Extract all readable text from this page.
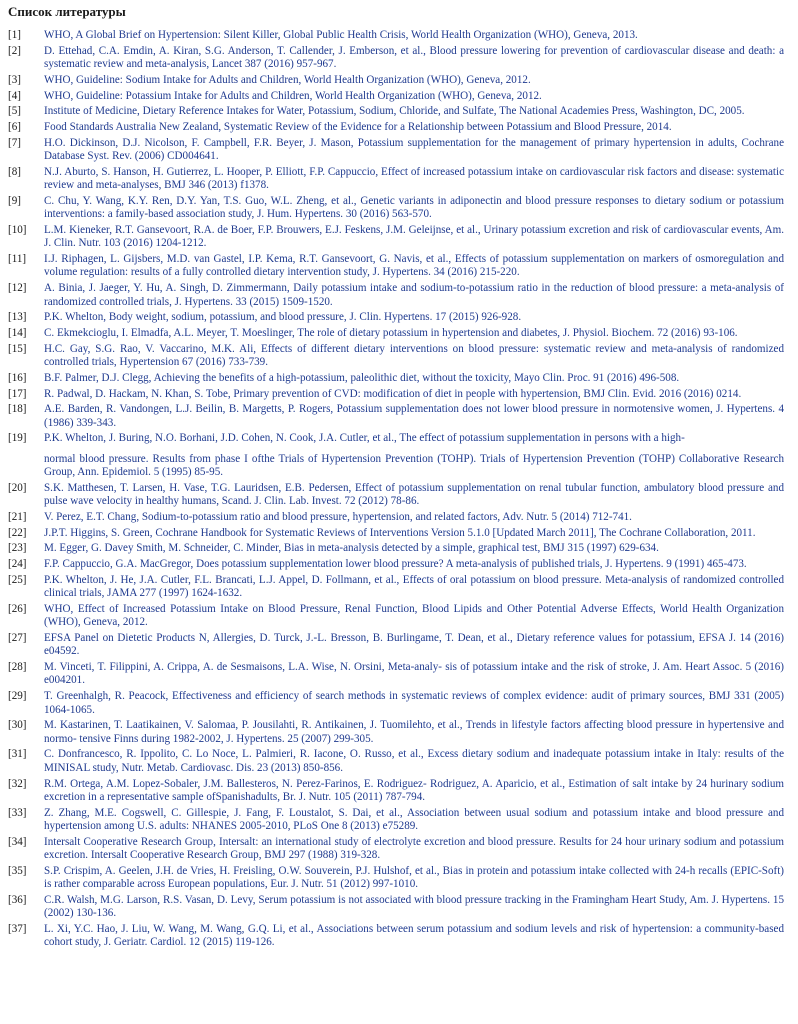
Список литературы
[1]	WHO, A Global Brief on Hypertension: Silent Killer, Global Public Health Crisis, World Health Organization (WHO), Geneva, 2013.
[2]	D. Ettehad, C.A. Emdin, A. Kiran, S.G. Anderson, T. Callender, J. Emberson, et al., Blood pressure lowering for prevention of cardiovascular disease and death: a systematic review and meta-analysis, Lancet 387 (2016) 957-967.
[3]	WHO, Guideline: Sodium Intake for Adults and Children, World Health Organization (WHO), Geneva, 2012.
[4]	WHO, Guideline: Potassium Intake for Adults and Children, World Health Organization (WHO), Geneva, 2012.
[5]	Institute of Medicine, Dietary Reference Intakes for Water, Potassium, Sodium, Chloride, and Sulfate, The National Academies Press, Washington, DC, 2005.
[6]	Food Standards Australia New Zealand, Systematic Review of the Evidence for a Relationship between Potassium and Blood Pressure, 2014.
[7]	H.O. Dickinson, D.J. Nicolson, F. Campbell, F.R. Beyer, J. Mason, Potassium supplementation for the management of primary hypertension in adults, Cochrane Database Syst. Rev. (2006) CD004641.
[8]	N.J. Aburto, S. Hanson, H. Gutierrez, L. Hooper, P. Elliott, F.P. Cappuccio, Effect of increased potassium intake on cardiovascular risk factors and disease: systematic review and meta-analyses, BMJ 346 (2013) f1378.
[9]	C. Chu, Y. Wang, K.Y. Ren, D.Y. Yan, T.S. Guo, W.L. Zheng, et al., Genetic variants in adiponectin and blood pressure responses to dietary sodium or potassium interventions: a family-based association study, J. Hum. Hypertens. 30 (2016) 563-570.
[10]	L.M. Kieneker, R.T. Gansevoort, R.A. de Boer, F.P. Brouwers, E.J. Feskens, J.M. Geleijnse, et al., Urinary potassium excretion and risk of cardiovascular events, Am. J. Clin. Nutr. 103 (2016) 1204-1212.
[11]	I.J. Riphagen, L. Gijsbers, M.D. van Gastel, I.P. Kema, R.T. Gansevoort, G. Navis, et al., Effects of potassium supplementation on markers of osmoregulation and volume regulation: results of a fully controlled dietary intervention study, J. Hypertens. 34 (2016) 215-220.
[12]	A. Binia, J. Jaeger, Y. Hu, A. Singh, D. Zimmermann, Daily potassium intake and sodium-to-potassium ratio in the reduction of blood pressure: a meta-analysis of randomized controlled trials, J. Hypertens. 33 (2015) 1509-1520.
[13]	P.K. Whelton, Body weight, sodium, potassium, and blood pressure, J. Clin. Hypertens. 17 (2015) 926-928.
[14]	C. Ekmekcioglu, I. Elmadfa, A.L. Meyer, T. Moeslinger, The role of dietary potassium in hypertension and diabetes, J. Physiol. Biochem. 72 (2016) 93-106.
[15]	H.C. Gay, S.G. Rao, V. Vaccarino, M.K. Ali, Effects of different dietary interventions on blood pressure: systematic review and meta-analysis of randomized controlled trials, Hypertension 67 (2016) 733-739.
[16]	B.F. Palmer, D.J. Clegg, Achieving the benefits of a high-potassium, paleolithic diet, without the toxicity, Mayo Clin. Proc. 91 (2016) 496-508.
[17]	R. Padwal, D. Hackam, N. Khan, S. Tobe, Primary prevention of CVD: modification of diet in people with hypertension, BMJ Clin. Evid. 2016 (2016) 0214.
[18]	A.E. Barden, R. Vandongen, L.J. Beilin, B. Margetts, P. Rogers, Potassium supplementation does not lower blood pressure in normotensive women, J. Hypertens. 4 (1986) 339-343.
[19]	P.K. Whelton, J. Buring, N.O. Borhani, J.D. Cohen, N. Cook, J.A. Cutler, et al., The effect of potassium supplementation in persons with a high-
normal blood pressure. Results from phase I ofthe Trials of Hypertension Prevention (TOHP). Trials of Hypertension Prevention (TOHP) Collaborative Research Group, Ann. Epidemiol. 5 (1995) 85-95.
[20]	S.K. Matthesen, T. Larsen, H. Vase, T.G. Lauridsen, E.B. Pedersen, Effect of potassium supplementation on renal tubular function, ambulatory blood pressure and pulse wave velocity in healthy humans, Scand. J. Clin. Lab. Invest. 72 (2012) 78-86.
[21]	V. Perez, E.T. Chang, Sodium-to-potassium ratio and blood pressure, hypertension, and related factors, Adv. Nutr. 5 (2014) 712-741.
[22]	J.P.T. Higgins, S. Green, Cochrane Handbook for Systematic Reviews of Interventions Version 5.1.0 [Updated March 2011], The Cochrane Collaboration, 2011.
[23]	M. Egger, G. Davey Smith, M. Schneider, C. Minder, Bias in meta-analysis detected by a simple, graphical test, BMJ 315 (1997) 629-634.
[24]	F.P. Cappuccio, G.A. MacGregor, Does potassium supplementation lower blood pressure? A meta-analysis of published trials, J. Hypertens. 9 (1991) 465-473.
[25]	P.K. Whelton, J. He, J.A. Cutler, F.L. Brancati, L.J. Appel, D. Follmann, et al., Effects of oral potassium on blood pressure. Meta-analysis of randomized controlled clinical trials, JAMA 277 (1997) 1624-1632.
[26]	WHO, Effect of Increased Potassium Intake on Blood Pressure, Renal Function, Blood Lipids and Other Potential Adverse Effects, World Health Organization (WHO), Geneva, 2012.
[27]	EFSA Panel on Dietetic Products N, Allergies, D. Turck, J.-L. Bresson, B. Burlingame, T. Dean, et al., Dietary reference values for potassium, EFSA J. 14 (2016) e04592.
[28]	M. Vinceti, T. Filippini, A. Crippa, A. de Sesmaisons, L.A. Wise, N. Orsini, Meta-analy- sis of potassium intake and the risk of stroke, J. Am. Heart Assoc. 5 (2016) e004201.
[29]	T. Greenhalgh, R. Peacock, Effectiveness and efficiency of search methods in systematic reviews of complex evidence: audit of primary sources, BMJ 331 (2005) 1064-1065.
[30]	M. Kastarinen, T. Laatikainen, V. Salomaa, P. Jousilahti, R. Antikainen, J. Tuomilehto, et al., Trends in lifestyle factors affecting blood pressure in hypertensive and normo- tensive Finns during 1982-2002, J. Hypertens. 25 (2007) 299-305.
[31]	C. Donfrancesco, R. Ippolito, C. Lo Noce, L. Palmieri, R. Iacone, O. Russo, et al., Excess dietary sodium and inadequate potassium intake in Italy: results of the MINISAL study, Nutr. Metab. Cardiovasc. Dis. 23 (2013) 850-856.
[32]	R.M. Ortega, A.M. Lopez-Sobaler, J.M. Ballesteros, N. Perez-Farinos, E. Rodriguez- Rodriguez, A. Aparicio, et al., Estimation of salt intake by 24 hurinary sodium excretion in a representative sample ofSpanishadults, Br. J. Nutr. 105 (2011) 787-794.
[33]	Z. Zhang, M.E. Cogswell, C. Gillespie, J. Fang, F. Loustalot, S. Dai, et al., Association between usual sodium and potassium intake and blood pressure and hypertension among U.S. adults: NHANES 2005-2010, PLoS One 8 (2013) e75289.
[34]	Intersalt Cooperative Research Group, Intersalt: an international study of electrolyte excretion and blood pressure. Results for 24 hour urinary sodium and potassium excretion. Intersalt Cooperative Research Group, BMJ 297 (1988) 319-328.
[35]	S.P. Crispim, A. Geelen, J.H. de Vries, H. Freisling, O.W. Souverein, P.J. Hulshof, et al., Bias in protein and potassium intake collected with 24-h recalls (EPIC-Soft) is rather comparable across European populations, Eur. J. Nutr. 51 (2012) 997-1010.
[36]	C.R. Walsh, M.G. Larson, R.S. Vasan, D. Levy, Serum potassium is not associated with blood pressure tracking in the Framingham Heart Study, Am. J. Hypertens. 15 (2002) 130-136.
[37]	L. Xi, Y.C. Hao, J. Liu, W. Wang, M. Wang, G.Q. Li, et al., Associations between serum potassium and sodium levels and risk of hypertension: a community-based cohort study, J. Geriatr. Cardiol. 12 (2015) 119-126.
